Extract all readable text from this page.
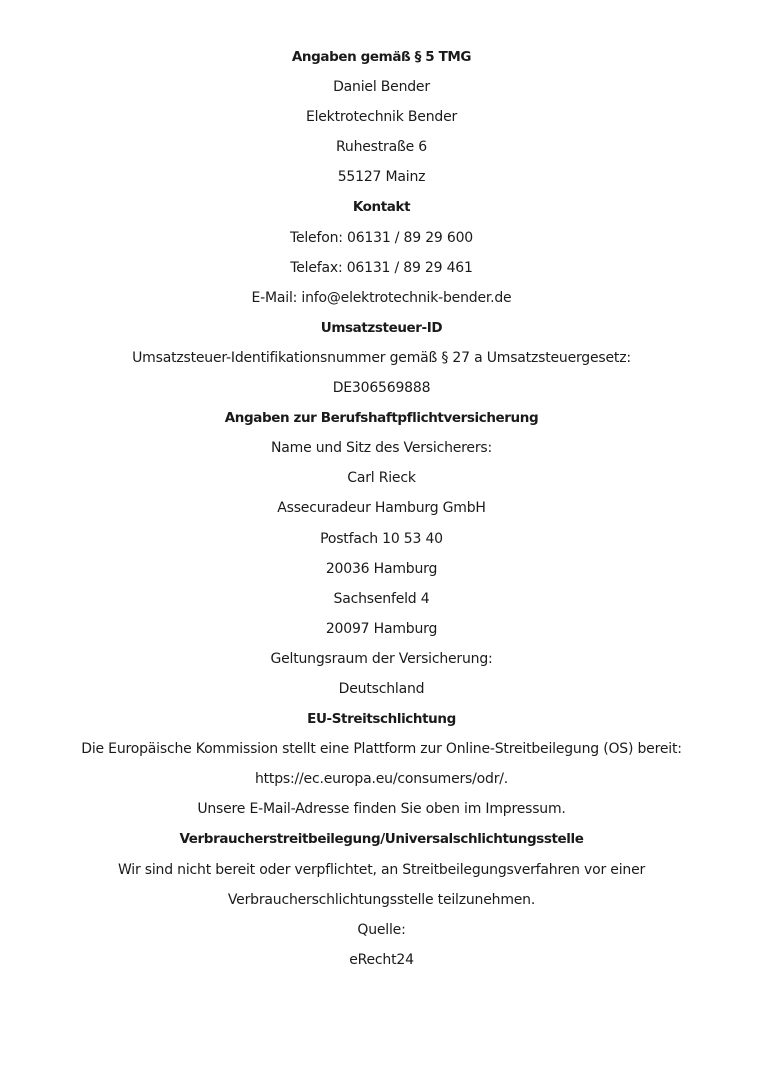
Angaben gemäß § 5 TMG
Daniel Bender
Elektrotechnik Bender
Ruhestraße 6
55127 Mainz
Kontakt
Telefon: 06131 / 89 29 600
Telefax: 06131 / 89 29 461
E-Mail: info@elektrotechnik-bender.de
Umsatzsteuer-ID
Umsatzsteuer-Identifikationsnummer gemäß § 27 a Umsatzsteuergesetz:
DE306569888
Angaben zur Berufshaftpflichtversicherung
Name und Sitz des Versicherers:
Carl Rieck
Assecuradeur Hamburg GmbH
Postfach 10 53 40
20036 Hamburg
Sachsenfeld 4
20097 Hamburg
Geltungsraum der Versicherung:
Deutschland
EU-Streitschlichtung
Die Europäische Kommission stellt eine Plattform zur Online-Streitbeilegung (OS) bereit:
https://ec.europa.eu/consumers/odr/.
Unsere E-Mail-Adresse finden Sie oben im Impressum.
Verbraucherstreitbeilegung/Universalschlichtungsstelle
Wir sind nicht bereit oder verpflichtet, an Streitbeilegungsverfahren vor einer
Verbraucherschlichtungsstelle teilzunehmen.
Quelle:
eRecht24
